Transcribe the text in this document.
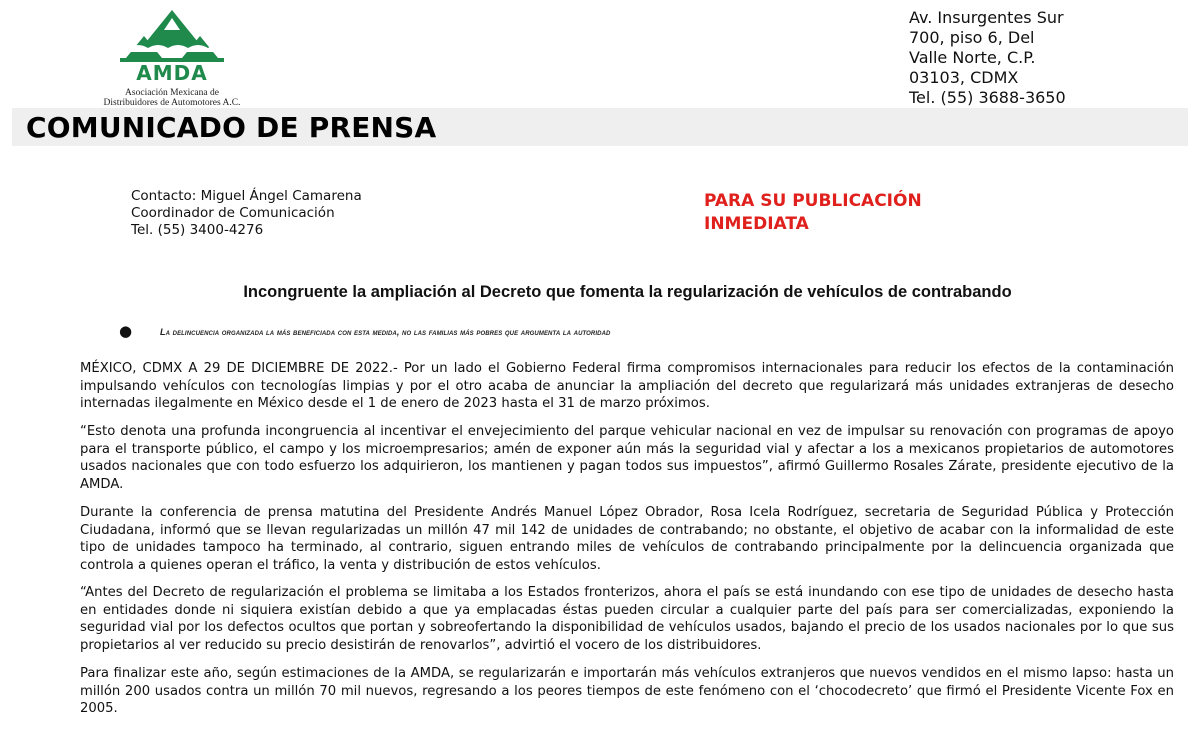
AMDA
Asociación Mexicana de
Distribuidores de Automotores A.C.
Av. Insurgentes Sur
700, piso 6, Del
Valle Norte, C.P.
03103, CDMX
Tel. (55) 3688-3650
COMUNICADO DE PRENSA
Contacto: Miguel Ángel Camarena
Coordinador de Comunicación
Tel. (55) 3400-4276
PARA SU PUBLICACIÓN
INMEDIATA
Incongruente la ampliación al Decreto que fomenta la regularización de vehículos de contrabando
●	La delincuencia organizada la más beneficiada con esta medida, no las familias más pobres que argumenta la autoridad
MÉXICO, CDMX A 29 DE DICIEMBRE DE 2022.- Por un lado el Gobierno Federal firma compromisos internacionales para reducir los efectos de la contaminación impulsando vehículos con tecnologías limpias y por el otro acaba de anunciar la ampliación del decreto que regularizará más unidades extranjeras de desecho internadas ilegalmente en México desde el 1 de enero de 2023 hasta el 31 de marzo próximos.
“Esto denota una profunda incongruencia al incentivar el envejecimiento del parque vehicular nacional en vez de impulsar su renovación con programas de apoyo para el transporte público, el campo y los microempresarios; amén de exponer aún más la seguridad vial y afectar a los a mexicanos propietarios de automotores usados nacionales que con todo esfuerzo los adquirieron, los mantienen y pagan todos sus impuestos”, afirmó Guillermo Rosales Zárate, presidente ejecutivo de la AMDA.
Durante la conferencia de prensa matutina del Presidente Andrés Manuel López Obrador, Rosa Icela Rodríguez, secretaria de Seguridad Pública y Protección Ciudadana, informó que se llevan regularizadas un millón 47 mil 142 de unidades de contrabando; no obstante, el objetivo de acabar con la informalidad de este tipo de unidades tampoco ha terminado, al contrario, siguen entrando miles de vehículos de contrabando principalmente por la delincuencia organizada que controla a quienes operan el tráfico, la venta y distribución de estos vehículos.
“Antes del Decreto de regularización el problema se limitaba a los Estados fronterizos, ahora el país se está inundando con ese tipo de unidades de desecho hasta en entidades donde ni siquiera existían debido a que ya emplacadas éstas pueden circular a cualquier parte del país para ser comercializadas, exponiendo la seguridad vial por los defectos ocultos que portan y sobreofertando la disponibilidad de vehículos usados, bajando el precio de los usados nacionales por lo que sus propietarios al ver reducido su precio desistirán de renovarlos”, advirtió el vocero de los distribuidores.
Para finalizar este año, según estimaciones de la AMDA, se regularizarán e importarán más vehículos extranjeros que nuevos vendidos en el mismo lapso: hasta un millón 200 usados contra un millón 70 mil nuevos, regresando a los peores tiempos de este fenómeno con el ‘chocodecreto’ que firmó el Presidente Vicente Fox en 2005.
